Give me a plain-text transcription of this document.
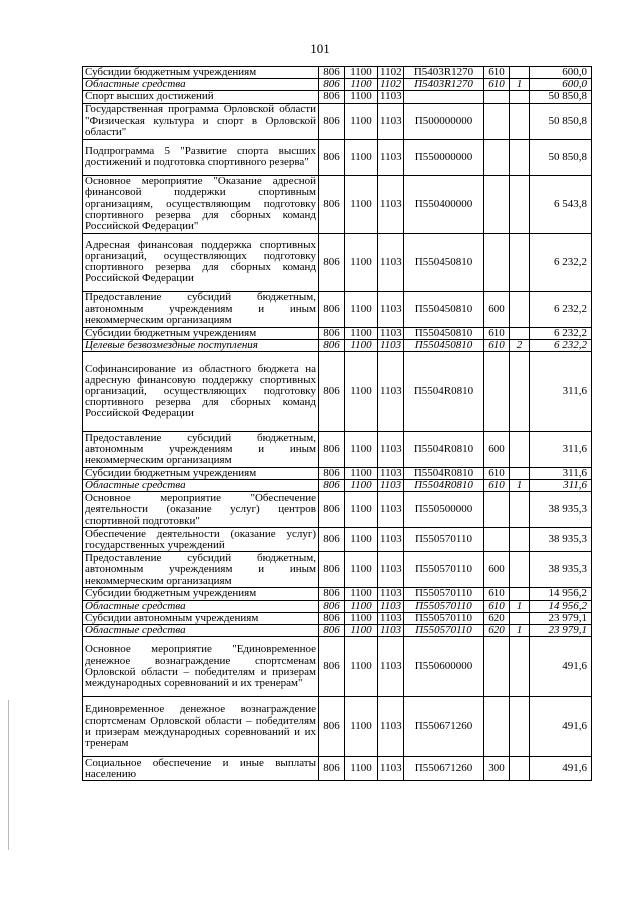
101
Субсидии бюджетным учреждениям	806	1100	1102	П5403R1270	610		600,0
Областные средства	806	1100	1102	П5403R1270	610	1	600,0
Спорт высших достижений	806	1100	1103				50 850,8
Государственная программа Орловской области "Физическая культура и спорт в Орловской области"	806	1100	1103	П500000000			50 850,8
Подпрограмма 5 "Развитие спорта высших достижений и подготовка спортивного резерва"	806	1100	1103	П550000000			50 850,8
Основное мероприятие "Оказание адресной финансовой поддержки спортивным организациям, осуществляющим подготовку спортивного резерва для сборных команд Российской Федерации"	806	1100	1103	П550400000			6 543,8
Адресная финансовая поддержка спортивных организаций, осуществляющих подготовку спортивного резерва для сборных команд Российской Федерации	806	1100	1103	П550450810			6 232,2
Предоставление субсидий бюджетным, автономным учреждениям и иным некоммерческим организациям	806	1100	1103	П550450810	600		6 232,2
Субсидии бюджетным учреждениям	806	1100	1103	П550450810	610		6 232,2
Целевые безвозмездные поступления	806	1100	1103	П550450810	610	2	6 232,2
Софинансирование из областного бюджета на адресную финансовую поддержку спортивных организаций, осуществляющих подготовку спортивного резерва для сборных команд Российской Федерации	806	1100	1103	П5504R0810			311,6
Предоставление субсидий бюджетным, автономным учреждениям и иным некоммерческим организациям	806	1100	1103	П5504R0810	600		311,6
Субсидии бюджетным учреждениям	806	1100	1103	П5504R0810	610		311,6
Областные средства	806	1100	1103	П5504R0810	610	1	311,6
Основное мероприятие "Обеспечение деятельности (оказание услуг) центров спортивной подготовки"	806	1100	1103	П550500000			38 935,3
Обеспечение деятельности (оказание услуг) государственных учреждений	806	1100	1103	П550570110			38 935,3
Предоставление субсидий бюджетным, автономным учреждениям и иным некоммерческим организациям	806	1100	1103	П550570110	600		38 935,3
Субсидии бюджетным учреждениям	806	1100	1103	П550570110	610		14 956,2
Областные средства	806	1100	1103	П550570110	610	1	14 956,2
Субсидии автономным учреждениям	806	1100	1103	П550570110	620		23 979,1
Областные средства	806	1100	1103	П550570110	620	1	23 979,1
Основное мероприятие "Единовременное денежное вознаграждение спортсменам Орловской области – победителям и призерам международных соревнований и их тренерам"	806	1100	1103	П550600000			491,6
Единовременное денежное вознаграждение спортсменам Орловской области – победителям и призерам международных соревнований и их тренерам	806	1100	1103	П550671260			491,6
Социальное обеспечение и иные выплаты населению	806	1100	1103	П550671260	300		491,6
